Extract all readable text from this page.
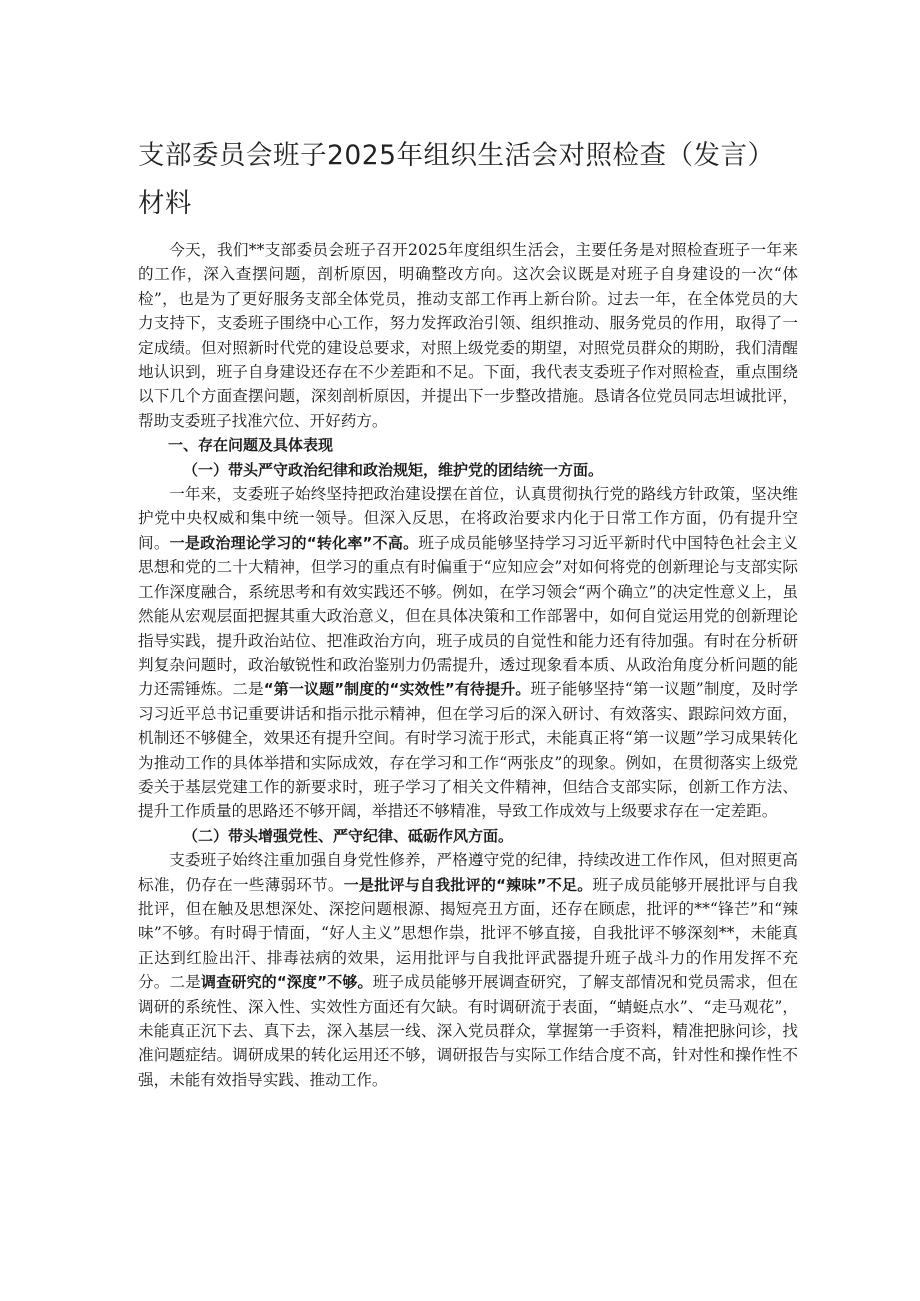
支部委员会班子2025年组织生活会对照检查（发言）
材料

今天，我们**支部委员会班子召开2025年度组织生活会，主要任务是对照检查班子一年来的工作，深入查摆问题，剖析原因，明确整改方向。这次会议既是对班子自身建设的一次“体检”，也是为了更好服务支部全体党员，推动支部工作再上新台阶。过去一年，在全体党员的大力支持下，支委班子围绕中心工作，努力发挥政治引领、组织推动、服务党员的作用，取得了一定成绩。但对照新时代党的建设总要求，对照上级党委的期望，对照党员群众的期盼，我们清醒地认识到，班子自身建设还存在不少差距和不足。下面，我代表支委班子作对照检查，重点围绕以下几个方面查摆问题，深刻剖析原因，并提出下一步整改措施。恳请各位党员同志坦诚批评，帮助支委班子找准穴位、开好药方。

一、存在问题及具体表现

（一）带头严守政治纪律和政治规矩，维护党的团结统一方面。

一年来，支委班子始终坚持把政治建设摆在首位，认真贯彻执行党的路线方针政策，坚决维护党中央权威和集中统一领导。但深入反思，在将政治要求内化于日常工作方面，仍有提升空间。一是政治理论学习的“转化率”不高。班子成员能够坚持学习习近平新时代中国特色社会主义思想和党的二十大精神，但学习的重点有时偏重于“应知应会”对如何将党的创新理论与支部实际工作深度融合，系统思考和有效实践还不够。例如，在学习领会“两个确立”的决定性意义上，虽然能从宏观层面把握其重大政治意义，但在具体决策和工作部署中，如何自觉运用党的创新理论指导实践，提升政治站位、把准政治方向，班子成员的自觉性和能力还有待加强。有时在分析研判复杂问题时，政治敏锐性和政治鉴别力仍需提升，透过现象看本质、从政治角度分析问题的能力还需锤炼。二是“第一议题”制度的“实效性”有待提升。班子能够坚持“第一议题”制度，及时学习习近平总书记重要讲话和指示批示精神，但在学习后的深入研讨、有效落实、跟踪问效方面，机制还不够健全，效果还有提升空间。有时学习流于形式，未能真正将“第一议题”学习成果转化为推动工作的具体举措和实际成效，存在学习和工作“两张皮”的现象。例如，在贯彻落实上级党委关于基层党建工作的新要求时，班子学习了相关文件精神，但结合支部实际，创新工作方法、提升工作质量的思路还不够开阔，举措还不够精准，导致工作成效与上级要求存在一定差距。

（二）带头增强党性、严守纪律、砥砺作风方面。

支委班子始终注重加强自身党性修养，严格遵守党的纪律，持续改进工作作风，但对照更高标准，仍存在一些薄弱环节。一是批评与自我批评的“辣味”不足。班子成员能够开展批评与自我批评，但在触及思想深处、深挖问题根源、揭短亮丑方面，还存在顾虑，批评的**“锋芒”和“辣味”不够。有时碍于情面，“好人主义”思想作祟，批评不够直接，自我批评不够深刻**，未能真正达到红脸出汗、排毒祛病的效果，运用批评与自我批评武器提升班子战斗力的作用发挥不充分。二是调查研究的“深度”不够。班子成员能够开展调查研究，了解支部情况和党员需求，但在调研的系统性、深入性、实效性方面还有欠缺。有时调研流于表面，“蜻蜓点水”、“走马观花”，未能真正沉下去、真下去，深入基层一线、深入党员群众，掌握第一手资料，精准把脉问诊，找准问题症结。调研成果的转化运用还不够，调研报告与实际工作结合度不高，针对性和操作性不强，未能有效指导实践、推动工作。
